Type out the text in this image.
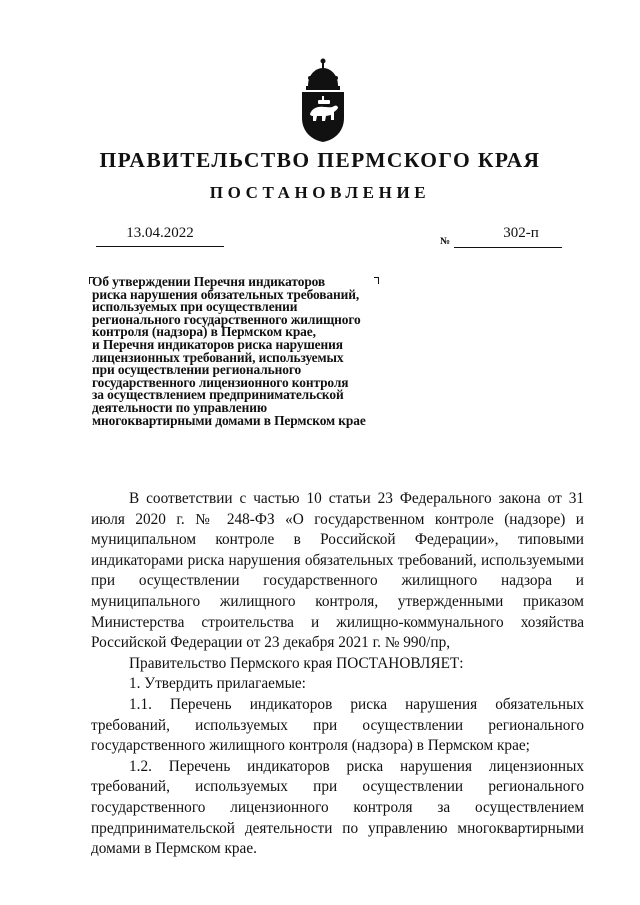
ПРАВИТЕЛЬСТВО ПЕРМСКОГО КРАЯ
ПОСТАНОВЛЕНИЕ
13.04.2022	302-п
№
Об утверждении Перечня индикаторов
риска нарушения обязательных требований,
используемых при осуществлении
регионального государственного жилищного
контроля (надзора) в Пермском крае,
и Перечня индикаторов риска нарушения
лицензионных требований, используемых
при осуществлении регионального
государственного лицензионного контроля
за осуществлением предпринимательской
деятельности по управлению
многоквартирными домами в Пермском крае

В соответствии с частью 10 статьи 23 Федерального закона от 31 июля 2020 г. № 248-ФЗ «О государственном контроле (надзоре) и муниципальном контроле в Российской Федерации», типовыми индикаторами риска нарушения обязательных требований, используемыми при осуществлении государственного жилищного надзора и муниципального жилищного контроля, утвержденными приказом Министерства строительства и жилищно-коммунального хозяйства Российской Федерации от 23 декабря 2021 г. № 990/пр,

Правительство Пермского края ПОСТАНОВЛЯЕТ:

1. Утвердить прилагаемые:

1.1. Перечень индикаторов риска нарушения обязательных требований, используемых при осуществлении регионального государственного жилищного контроля (надзора) в Пермском крае;

1.2. Перечень индикаторов риска нарушения лицензионных требований, используемых при осуществлении регионального государственного лицензионного контроля за осуществлением предпринимательской деятельности по управлению многоквартирными домами в Пермском крае.
